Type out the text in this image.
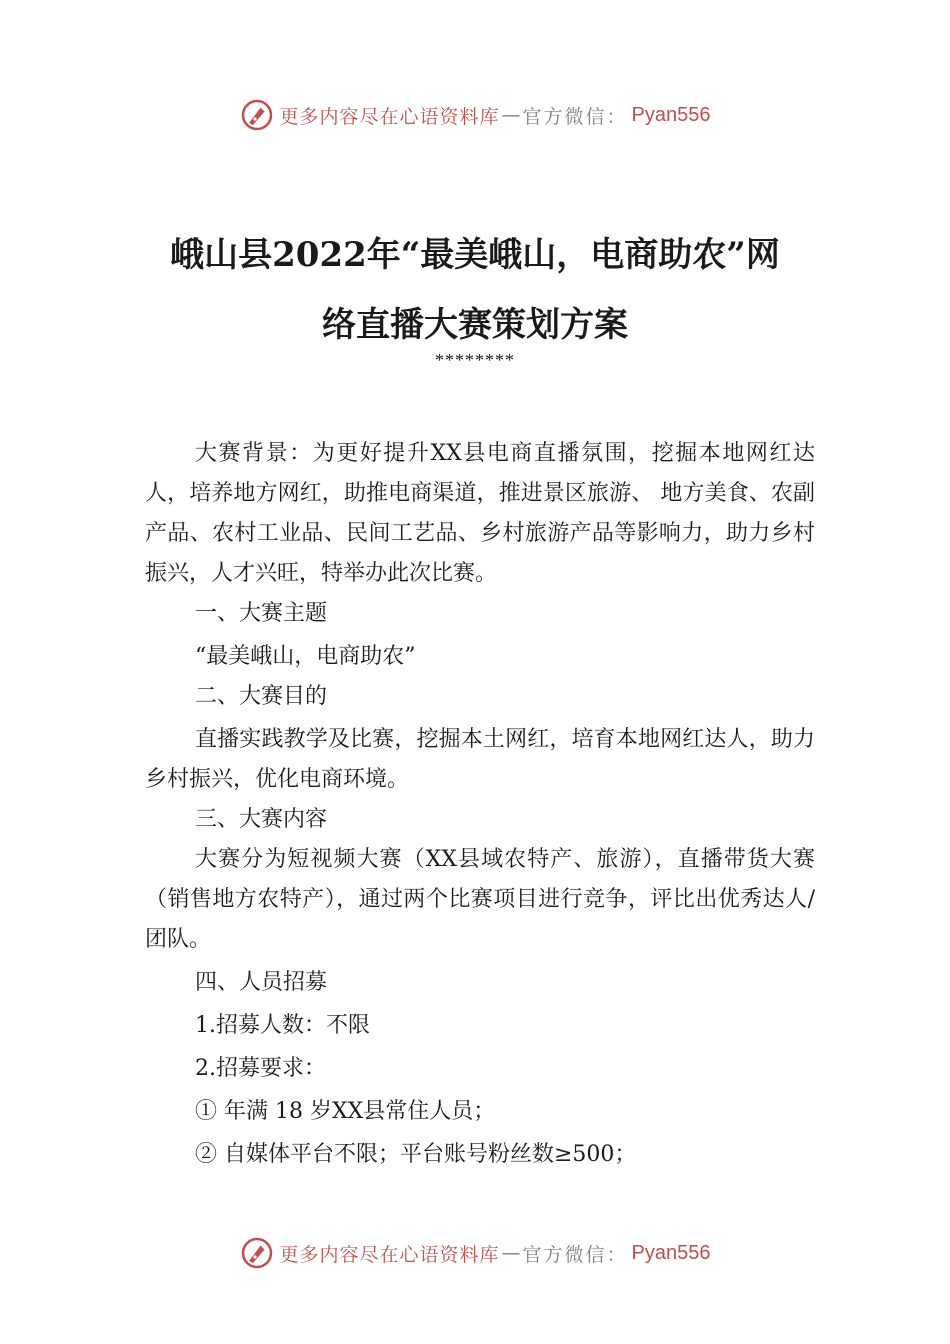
更多内容尽在心语资料库 — 官方微信： Pyan556
峨山县2022年“最美峨山，电商助农”网
络直播大赛策划方案
********

大赛背景：为更好提升XX县电商直播氛围，挖掘本地网红达人，培养地方网红，助推电商渠道，推进景区旅游、 地方美食、农副产品、农村工业品、民间工艺品、乡村旅游产品等影响力，助力乡村振兴，人才兴旺，特举办此次比赛。

一、大赛主题

“最美峨山，电商助农”

二、大赛目的

直播实践教学及比赛，挖掘本土网红，培育本地网红达人，助力乡村振兴，优化电商环境。

三、大赛内容

大赛分为短视频大赛（XX县域农特产、旅游），直播带货大赛（销售地方农特产），通过两个比赛项目进行竞争，评比出优秀达人/团队。

四、人员招募

1.招募人数：不限

2.招募要求：

① 年满 18 岁XX县常住人员；

② 自媒体平台不限；平台账号粉丝数≥500；

更多内容尽在心语资料库 — 官方微信： Pyan556
